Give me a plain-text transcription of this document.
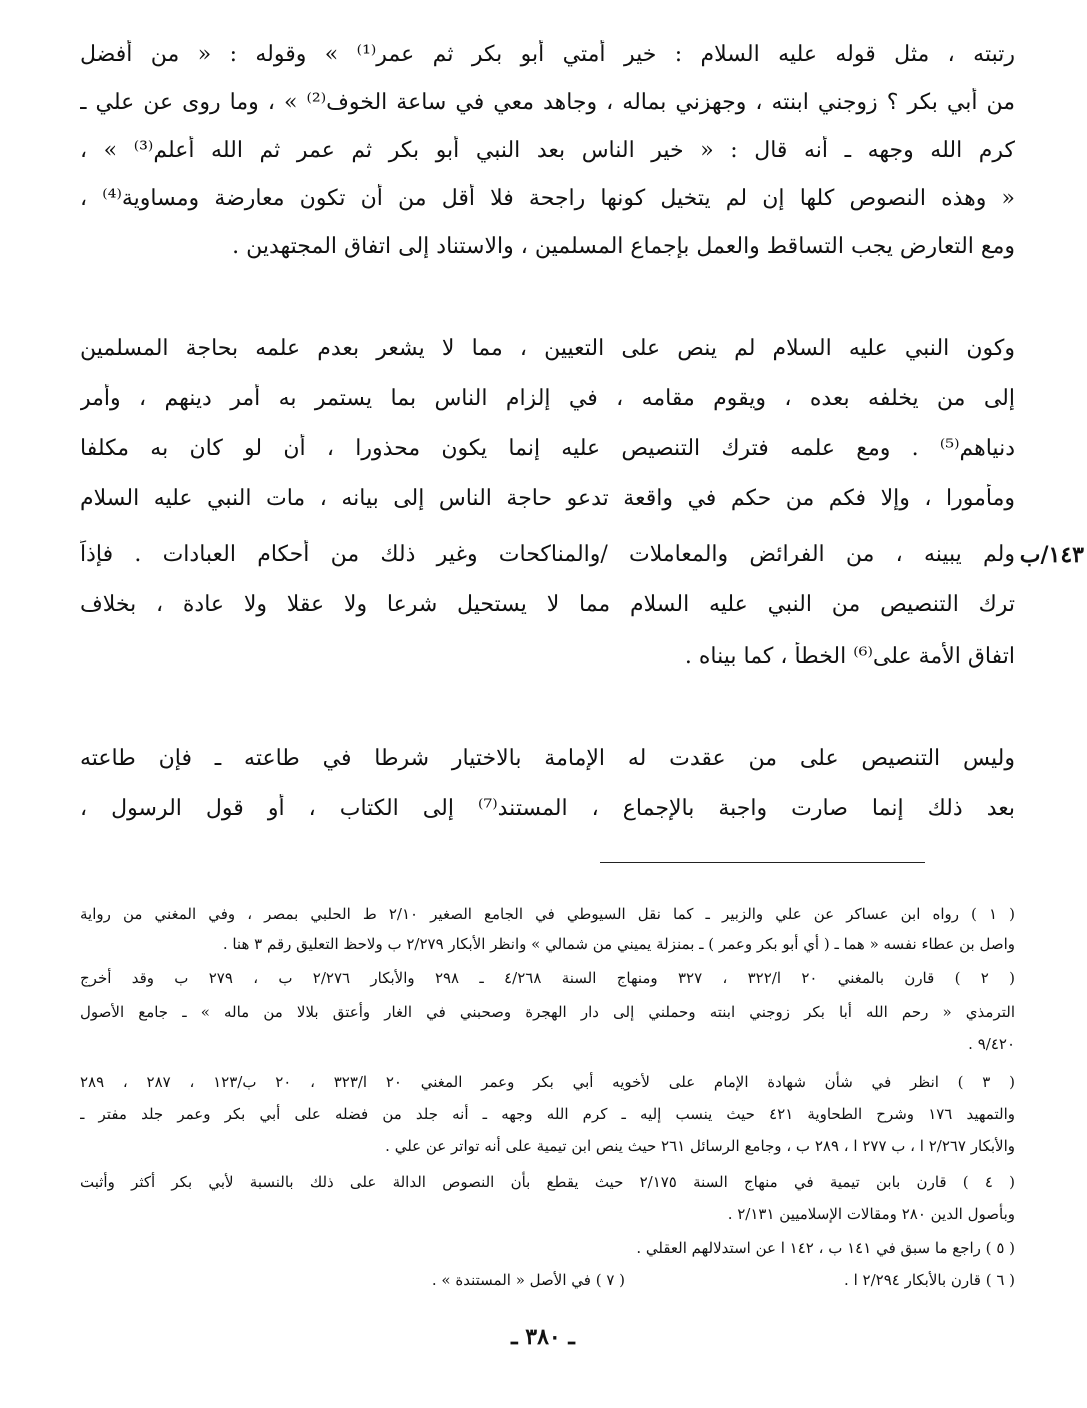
رتبته ، مثل قوله عليه السلام : خير أُمتي أبو بكر ثم عمر⁽¹⁾ » وقوله : « من أفضل
من أبي بكر ؟ زوجني ابنته ، وجهزني بماله ، وجاهد معي في ساعة الخوف⁽²⁾ » ، وما روى عن علي ـ
كرم الله وجهه ـ أنه قال : « خير الناس بعد النبي أبو بكر ثم عمر ثم الله أعلم⁽³⁾ » ،
« وهذه النصوص كلها إن لم يتخيل كونها راجحة فلا أقل من أن تكون معارضة ومساوية⁽⁴⁾ ،
ومع التعارض يجب التساقط والعمل بإجماع المسلمين ، والاستناد إلى اتفاق المجتهدين .
وكون النبي عليه السلام لم ينص على التعيين ، مما لا يشعر بعدم علمه بحاجة المسلمين
إلى من يخلفه بعده ، ويقوم مقامه ، في إلزام الناس بما يستمر به أمر دينهم ، وأمر
دنياهم⁽⁵⁾ . ومع علمه فترك التنصيص عليه إنما يكون محذورا ، أن لو كان به مكلفا
ومأمورا ، وإلا فكم من حكم في واقعة تدعو حاجة الناس إلى بيانه ، مات النبي عليه السلام
ولم يبينه ، من الفرائض والمعاملات /والمناكحات وغير ذلك من أحكام العبادات . فإذاً
ترك التنصيص من النبي عليه السلام مما لا يستحيل شرعا ولا عقلا ولا عادة ، بخلاف
اتفاق الأمة على⁽⁶⁾ الخطأ ، كما بيناه .
١٤٣/ب
وليس التنصيص على من عقدت له الإمامة بالاختيار شرطا في طاعته ـ فإن طاعته
بعد ذلك إنما صارت واجبة بالإجماع ، المستند⁽⁷⁾ إلى الكتاب ، أو قول الرسول ،
( ١ ) رواه ابن عساكر عن علي والزبير ـ كما نقل السيوطي في الجامع الصغير ٢/١٠ ط الحلبي بمصر ، وفي المغني من رواية
واصل بن عطاء نفسه « هما ـ ( أي أبو بكر وعمر ) ـ بمنزلة يميني من شمالي » وانظر الأبكار ٢/٢٧٩ ب ولاحظ التعليق رقم ٣ هنا .
( ٢ ) قارن بالمغني ٢٠ ا/٣٢٢ ، ٣٢٧ ومنهاج السنة ٤/٢٦٨ ـ ٢٩٨ والأبكار ٢/٢٧٦ ب ، ٢٧٩ ب وقد أخرج
الترمذي « رحم الله أبا بكر زوجني ابنته وحملني إلى دار الهجرة وصحبني في الغار وأعتق بلالا من ماله » ـ جامع الأصول
٩/٤٢٠ .
( ٣ ) انظر في شأن شهادة الإمام على لأخويه أبي بكر وعمر المغني ٢٠ ا/٣٢٣ ، ٢٠ ب/١٢٣ ، ٢٨٧ ، ٢٨٩
والتمهيد ١٧٦ وشرح الطحاوية ٤٢١ حيث ينسب إليه ـ كرم الله وجهه ـ أنه جلد من فضله على أبي بكر وعمر جلد مفتر ـ
والأبكار ٢/٢٦٧ ا ، ب ٢٧٧ ا ، ٢٨٩ ب ، وجامع الرسائل ٢٦١ حيث ينص ابن تيمية على أنه تواتر عن علي .
( ٤ ) قارن بابن تيمية في منهاج السنة ٢/١٧٥ حيث يقطع بأن النصوص الدالة على ذلك بالنسبة لأبي بكر أكثر وأثبت
وبأصول الدين ٢٨٠ ومقالات الإسلاميين ٢/١٣١ .
( ٥ ) راجع ما سبق في ١٤١ ب ، ١٤٢ ا عن استدلالهم العقلي .
( ٦ ) قارن بالأبكار ٢/٢٩٤ ا .
( ٧ ) في الأصل « المستندة » .
ـ ٣٨٠ ـ
